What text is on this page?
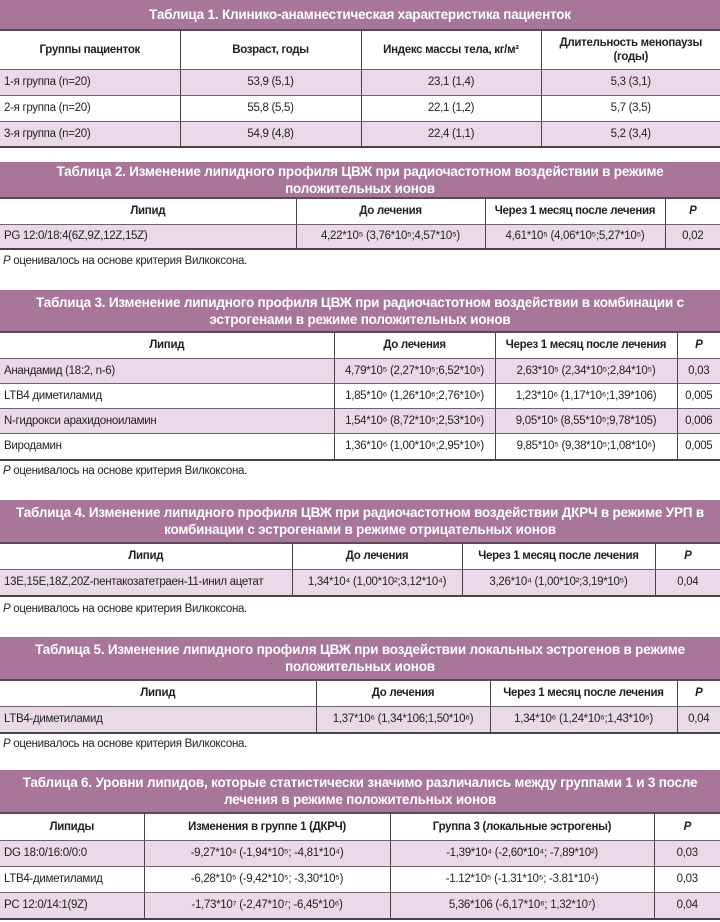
Таблица 1. Клинико-анамнестическая характеристика пациенток
Группы пациенток	Возраст, годы	Индекс массы тела, кг/м²	Длительность менопаузы (годы)
1-я группа (n=20)	53,9 (5,1)	23,1 (1,4)	5,3 (3,1)
2-я группа (n=20)	55,8 (5,5)	22,1 (1,2)	5,7 (3,5)
3-я группа (n=20)	54,9 (4,8)	22,4 (1,1)	5,2 (3,4)
Таблица 2. Изменение липидного профиля ЦВЖ при радиочастотном воздействии в режиме положительных ионов
Липид	До лечения	Через 1 месяц после лечения	P
PG 12:0/18:4(6Z,9Z,12Z,15Z)	4,22*10⁵ (3,76*10⁵;4,57*10⁵)	4,61*10⁵ (4,06*10⁵;5,27*10⁵)	0,02
P оценивалось на основе критерия Вилкоксона.
Таблица 3. Изменение липидного профиля ЦВЖ при радиочастотном воздействии в комбинации с эстрогенами в режиме положительных ионов
Липид	До лечения	Через 1 месяц после лечения	P
Анандамид (18:2, n-6)	4,79*10⁵ (2,27*10⁵;6,52*10⁵)	2,63*10⁵ (2,34*10⁵;2,84*10⁵)	0,03
LTB4 диметиламид	1,85*10⁶ (1,26*10⁶;2,76*10⁶)	1,23*10⁶ (1,17*10⁶;1,39*106)	0,005
N-гидрокси арахидоноиламин	1,54*10⁶ (8,72*10⁵;2,53*10⁶)	9,05*10⁵ (8,55*10⁵;9,78*105)	0,006
Виродамин	1,36*10⁶ (1,00*10⁶;2,95*10⁶)	9,85*10⁵ (9,38*10⁵;1,08*10⁶)	0,005
P оценивалось на основе критерия Вилкоксона.
Таблица 4. Изменение липидного профиля ЦВЖ при радиочастотном воздействии ДКРЧ в режиме УРП в комбинации с эстрогенами в режиме отрицательных ионов
Липид	До лечения	Через 1 месяц после лечения	P
13E,15E,18Z,20Z-пентакозатетраен-11-инил ацетат	1,34*10⁴ (1,00*10²;3,12*10⁴)	3,26*10⁴ (1,00*10²;3,19*10⁵)	0,04
P оценивалось на основе критерия Вилкоксона.
Таблица 5. Изменение липидного профиля ЦВЖ при воздействии локальных эстрогенов в режиме положительных ионов
Липид	До лечения	Через 1 месяц после лечения	P
LTB4-диметиламид	1,37*10⁶ (1,34*106;1,50*10⁶)	1,34*10⁶ (1,24*10⁶;1,43*10⁶)	0,04
P оценивалось на основе критерия Вилкоксона.
Таблица 6. Уровни липидов, которые статистически значимо различались между группами 1 и 3 после лечения в режиме положительных ионов
Липиды	Изменения в группе 1 (ДКРЧ)	Группа 3 (локальные эстрогены)	P
DG 18:0/16:0/0:0	-9,27*10⁴ (-1,94*10⁵; -4,81*10⁴)	-1,39*10⁴ (-2,60*10⁴; -7,89*10²)	0,03
LTB4-диметиламид	-6,28*10⁵ (-9,42*10⁵; -3,30*10⁵)	-1.12*10⁵ (-1.31*10⁵; -3.81*10⁴)	0,03
PC 12:0/14:1(9Z)	-1,73*10⁷ (-2,47*10⁷; -6,45*10⁶)	5,36*106 (-6,17*10⁶; 1,32*10⁷)	0,04
